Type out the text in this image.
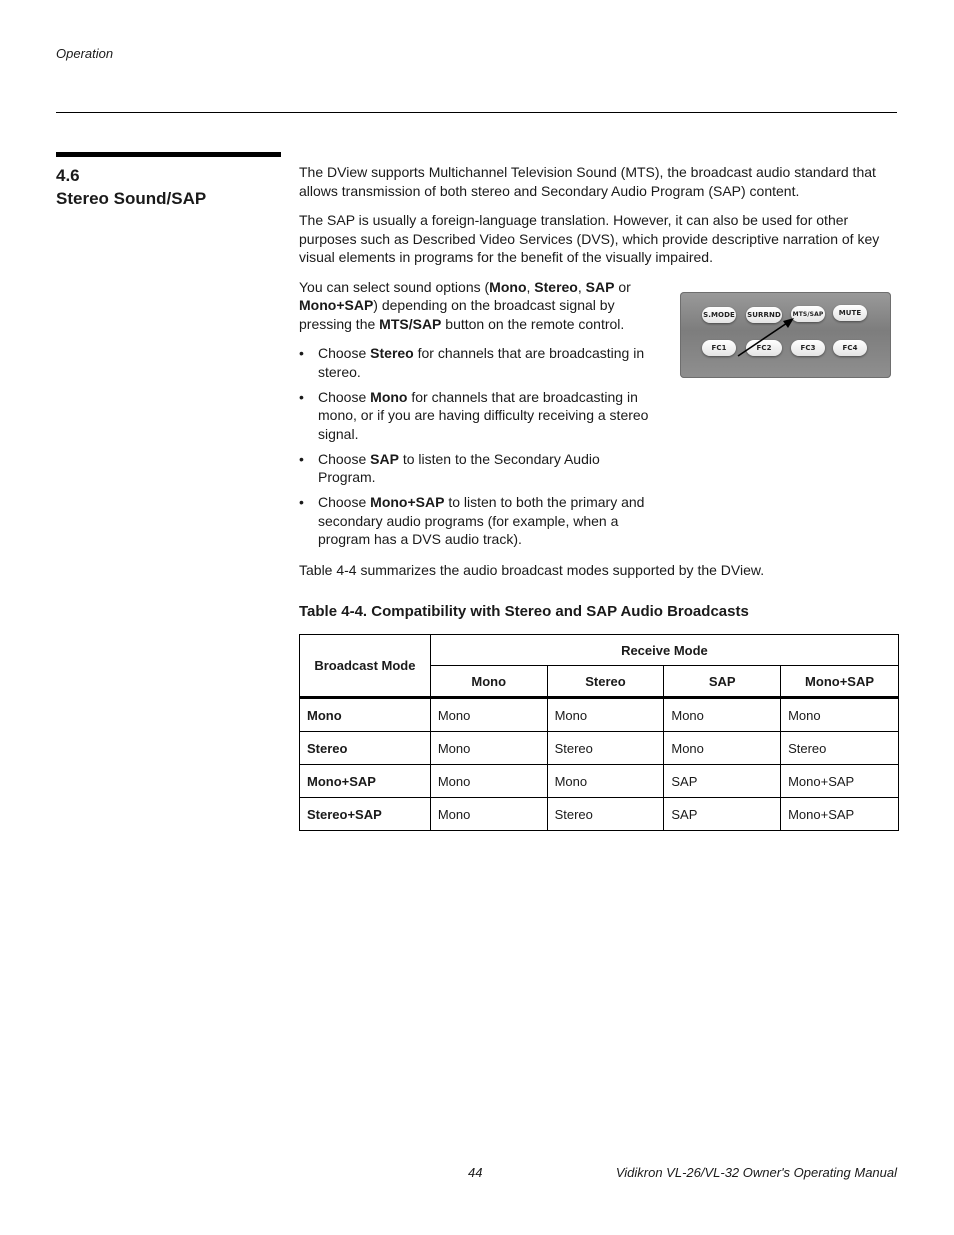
Operation
4.6
Stereo Sound/SAP

The DView supports Multichannel Television Sound (MTS), the broadcast audio standard that allows transmission of both stereo and Secondary Audio Program (SAP) content.

The SAP is usually a foreign-language translation. However, it can also be used for other purposes such as Described Video Services (DVS), which provide descriptive narration of key visual elements in programs for the benefit of the visually impaired.

You can select sound options (Mono, Stereo, SAP or Mono+SAP) depending on the broadcast signal by pressing the MTS/SAP button on the remote control.

• Choose Stereo for channels that are broadcasting in stereo.
• Choose Mono for channels that are broadcasting in mono, or if you are having difficulty receiving a stereo signal.
• Choose SAP to listen to the Secondary Audio Program.
• Choose Mono+SAP to listen to both the primary and secondary audio programs (for example, when a program has a DVS audio track).

Table 4-4 summarizes the audio broadcast modes supported by the DView.

S.MODE SURRND MTS/SAP	MUTE
FC1	FC2	FC3	FC4
Table 4-4. Compatibility with Stereo and SAP Audio Broadcasts
Broadcast Mode	Receive Mode			
	Mono	Stereo	SAP	Mono+SAP
Mono	Mono	Mono	Mono	Mono
Stereo	Mono	Stereo	Mono	Stereo
Mono+SAP	Mono	Mono	SAP	Mono+SAP
Stereo+SAP	Mono	Stereo	SAP	Mono+SAP
44	Vidikron VL-26/VL-32 Owner's Operating Manual
